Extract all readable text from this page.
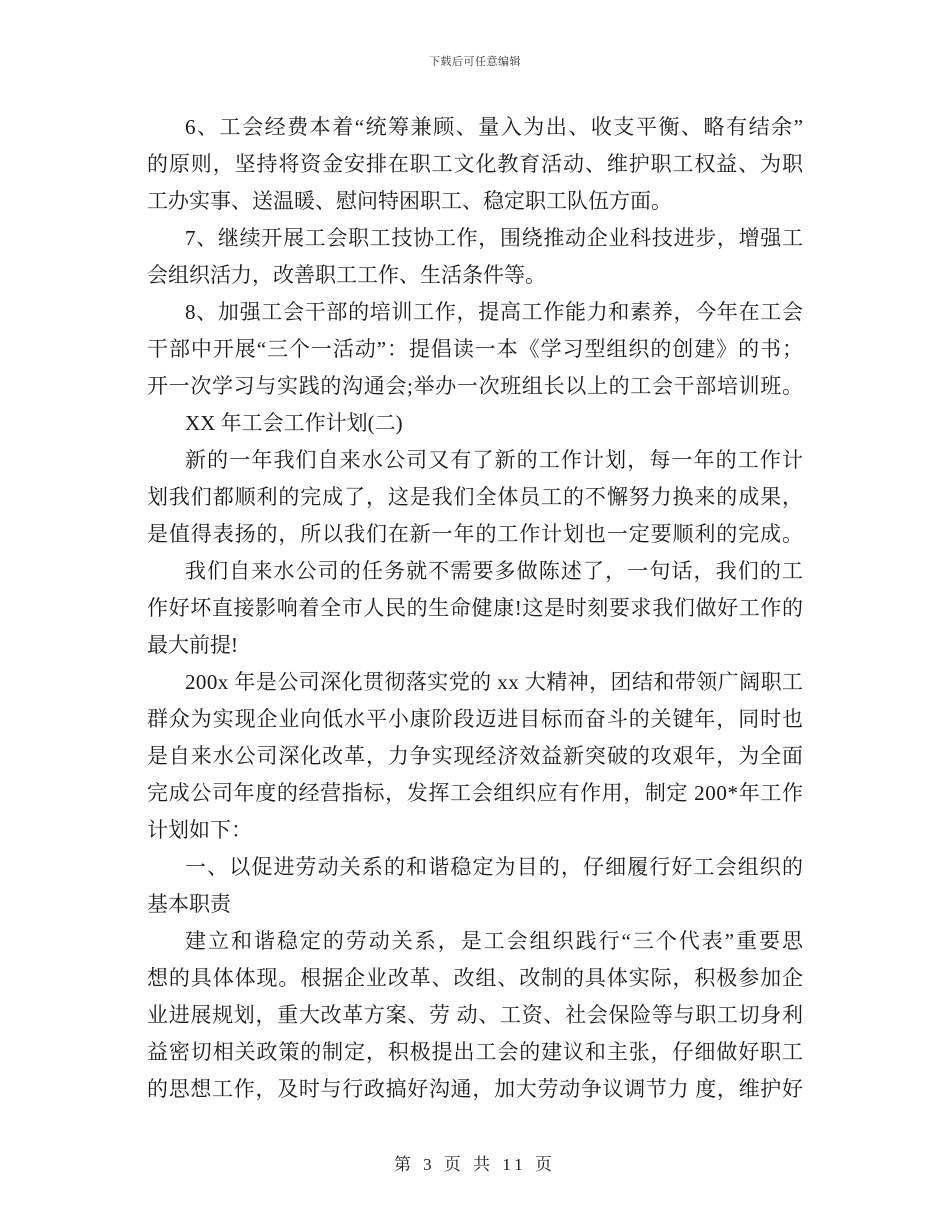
下载后可任意编辑
6、工会经费本着“统筹兼顾、量入为出、收支平衡、略有结余”
的原则，坚持将资金安排在职工文化教育活动、维护职工权益、为职
工办实事、送温暖、慰问特困职工、稳定职工队伍方面。
7、继续开展工会职工技协工作，围绕推动企业科技进步，增强工
会组织活力，改善职工工作、生活条件等。
8、加强工会干部的培训工作，提高工作能力和素养，今年在工会
干部中开展“三个一活动”：提倡读一本《学习型组织的创建》的书；
开一次学习与实践的沟通会;举办一次班组长以上的工会干部培训班。
XX 年工会工作计划(二)
新的一年我们自来水公司又有了新的工作计划，每一年的工作计
划我们都顺利的完成了，这是我们全体员工的不懈努力换来的成果，
是值得表扬的，所以我们在新一年的工作计划也一定要顺利的完成。
我们自来水公司的任务就不需要多做陈述了，一句话，我们的工
作好坏直接影响着全市人民的生命健康!这是时刻要求我们做好工作的
最大前提!
200x 年是公司深化贯彻落实党的 xx 大精神，团结和带领广阔职工
群众为实现企业向低水平小康阶段迈进目标而奋斗的关键年，同时也
是自来水公司深化改革，力争实现经济效益新突破的攻艰年，为全面
完成公司年度的经营指标，发挥工会组织应有作用，制定 200*年工作
计划如下：
一、以促进劳动关系的和谐稳定为目的，仔细履行好工会组织的
基本职责
建立和谐稳定的劳动关系，是工会组织践行“三个代表”重要思
想的具体体现。根据企业改革、改组、改制的具体实际，积极参加企
业进展规划，重大改革方案、劳 动、工资、社会保险等与职工切身利
益密切相关政策的制定，积极提出工会的建议和主张，仔细做好职工
的思想工作，及时与行政搞好沟通，加大劳动争议调节力 度，维护好
第 3 页 共 11 页
